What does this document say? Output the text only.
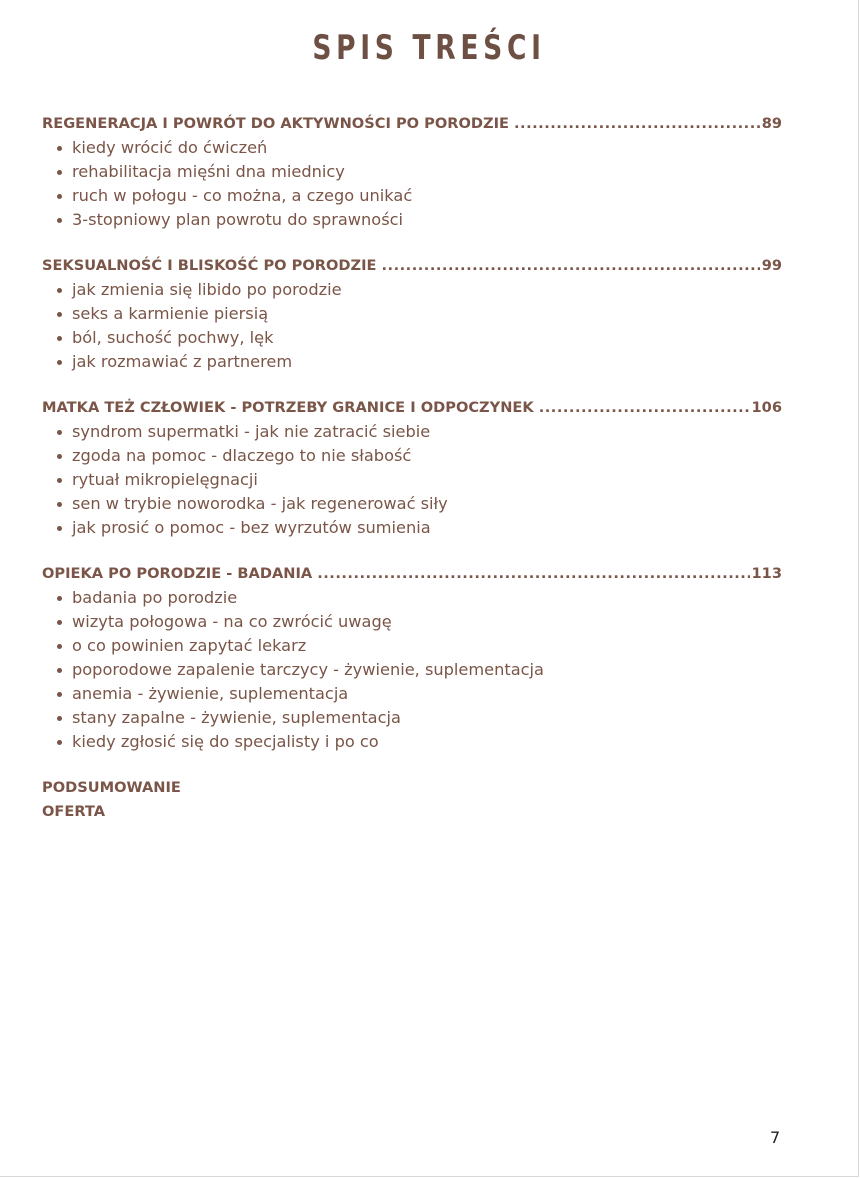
SPIS TREŚCI
REGENERACJA I POWRÓT DO AKTYWNOŚCI PO PORODZIE .....	89
kiedy wrócić do ćwiczeń
rehabilitacja mięśni dna miednicy
ruch w połogu - co można, a czego unikać
3-stopniowy plan powrotu do sprawności
SEKSUALNOŚĆ I BLISKOŚĆ PO PORODZIE .....	99
jak zmienia się libido po porodzie
seks a karmienie piersią
ból, suchość pochwy, lęk
jak rozmawiać z partnerem
MATKA TEŻ CZŁOWIEK - POTRZEBY GRANICE I ODPOCZYNEK .....	106
syndrom supermatki - jak nie zatracić siebie
zgoda na pomoc - dlaczego to nie słabość
rytuał mikropielęgnacji
sen w trybie noworodka - jak regenerować siły
jak prosić o pomoc - bez wyrzutów sumienia
OPIEKA PO PORODZIE - BADANIA .....	113
badania po porodzie
wizyta połogowa - na co zwrócić uwagę
o co powinien zapytać lekarz
poporodowe zapalenie tarczycy - żywienie, suplementacja
anemia - żywienie, suplementacja
stany zapalne - żywienie, suplementacja
kiedy zgłosić się do specjalisty i po co
PODSUMOWANIE
OFERTA
7
